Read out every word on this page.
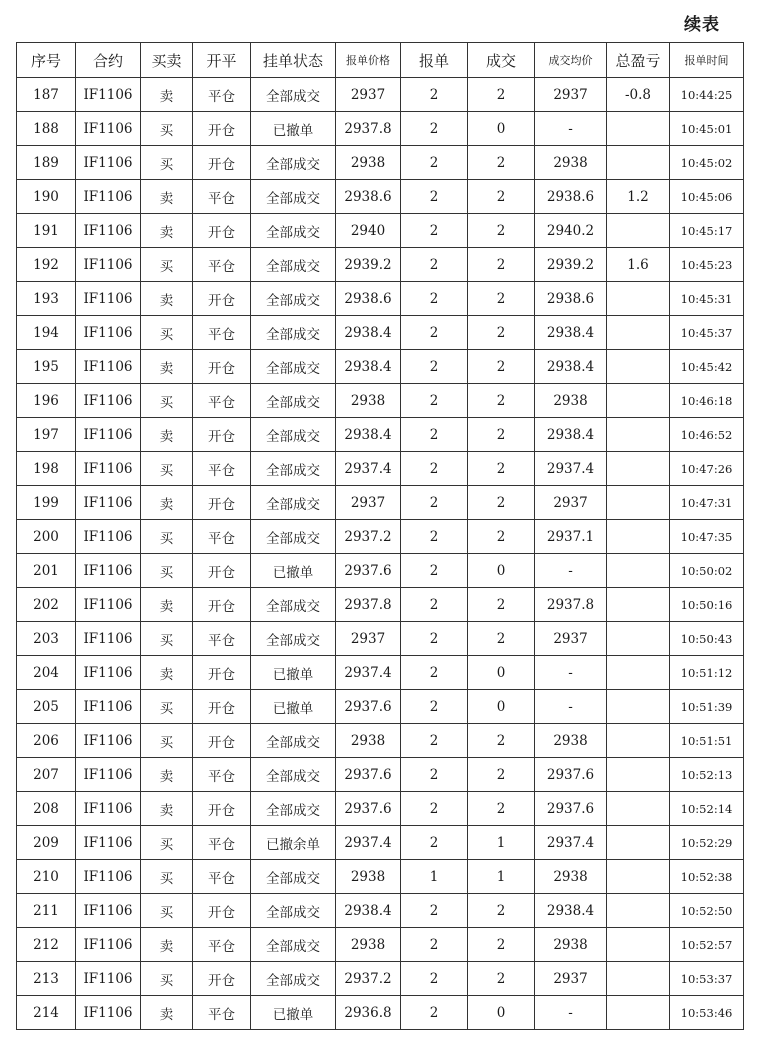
续表
序号	合约	买卖	开平	挂单状态	报单价格	报单	成交	成交均价	总盈亏	报单时间
187	IF1106	卖	平仓	全部成交	2937	2	2	2937	-0.8	10:44:25
188	IF1106	买	开仓	已撤单	2937.8	2	0	-		10:45:01
189	IF1106	买	开仓	全部成交	2938	2	2	2938		10:45:02
190	IF1106	卖	平仓	全部成交	2938.6	2	2	2938.6	1.2	10:45:06
191	IF1106	卖	开仓	全部成交	2940	2	2	2940.2		10:45:17
192	IF1106	买	平仓	全部成交	2939.2	2	2	2939.2	1.6	10:45:23
193	IF1106	卖	开仓	全部成交	2938.6	2	2	2938.6		10:45:31
194	IF1106	买	平仓	全部成交	2938.4	2	2	2938.4		10:45:37
195	IF1106	卖	开仓	全部成交	2938.4	2	2	2938.4		10:45:42
196	IF1106	买	平仓	全部成交	2938	2	2	2938		10:46:18
197	IF1106	卖	开仓	全部成交	2938.4	2	2	2938.4		10:46:52
198	IF1106	买	平仓	全部成交	2937.4	2	2	2937.4		10:47:26
199	IF1106	卖	开仓	全部成交	2937	2	2	2937		10:47:31
200	IF1106	买	平仓	全部成交	2937.2	2	2	2937.1		10:47:35
201	IF1106	买	开仓	已撤单	2937.6	2	0	-		10:50:02
202	IF1106	卖	开仓	全部成交	2937.8	2	2	2937.8		10:50:16
203	IF1106	买	平仓	全部成交	2937	2	2	2937		10:50:43
204	IF1106	卖	开仓	已撤单	2937.4	2	0	-		10:51:12
205	IF1106	买	开仓	已撤单	2937.6	2	0	-		10:51:39
206	IF1106	买	开仓	全部成交	2938	2	2	2938		10:51:51
207	IF1106	卖	平仓	全部成交	2937.6	2	2	2937.6		10:52:13
208	IF1106	卖	开仓	全部成交	2937.6	2	2	2937.6		10:52:14
209	IF1106	买	平仓	已撤余单	2937.4	2	1	2937.4		10:52:29
210	IF1106	买	平仓	全部成交	2938	1	1	2938		10:52:38
211	IF1106	买	开仓	全部成交	2938.4	2	2	2938.4		10:52:50
212	IF1106	卖	平仓	全部成交	2938	2	2	2938		10:52:57
213	IF1106	买	开仓	全部成交	2937.2	2	2	2937		10:53:37
214	IF1106	卖	平仓	已撤单	2936.8	2	0	-		10:53:46
